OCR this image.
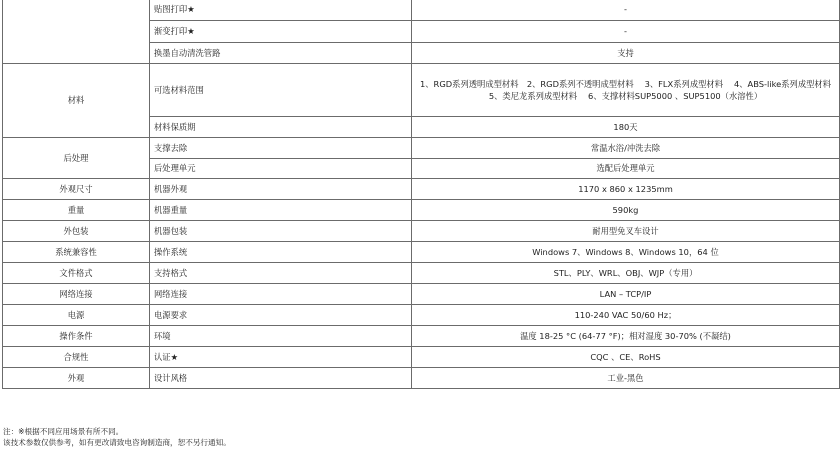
	贴图打印★	-
	渐变打印★	-
	换墨自动清洗管路	支持
材料	可选材料范围	1、RGD系列透明成型材料　2、RGD系列不透明成型材料　 3、FLX系列成型材料　 4、ABS-like系列成型材料
5、类尼龙系列成型材料　 6、支撑材料SUP5000 、SUP5100（水溶性）

	材料保质期	180天
后处理	支撑去除	常温水浴/冲洗去除
	后处理单元	选配后处理单元
外观尺寸	机器外观	1170 x 860 x 1235mm
重量	机器重量	590kg
外包装	机器包装	耐用型免叉车设计
系统兼容性	操作系统	Windows 7、Windows 8、Windows 10，64 位
文件格式	支持格式	STL、PLY、WRL、OBJ、WJP（专用）
网络连接	网络连接	LAN – TCP/IP
电源	电源要求	110-240 VAC 50/60 Hz；
操作条件	环境	温度 18-25 °C (64-77 °F)；相对湿度 30-70% (不凝结)
合规性	认证★	CQC 、CE、RoHS
外观	设计风格	工业-黑色
注：※根据不同应用场景有所不同。
该技术参数仅供参考，如有更改请致电咨询制造商，恕不另行通知。
